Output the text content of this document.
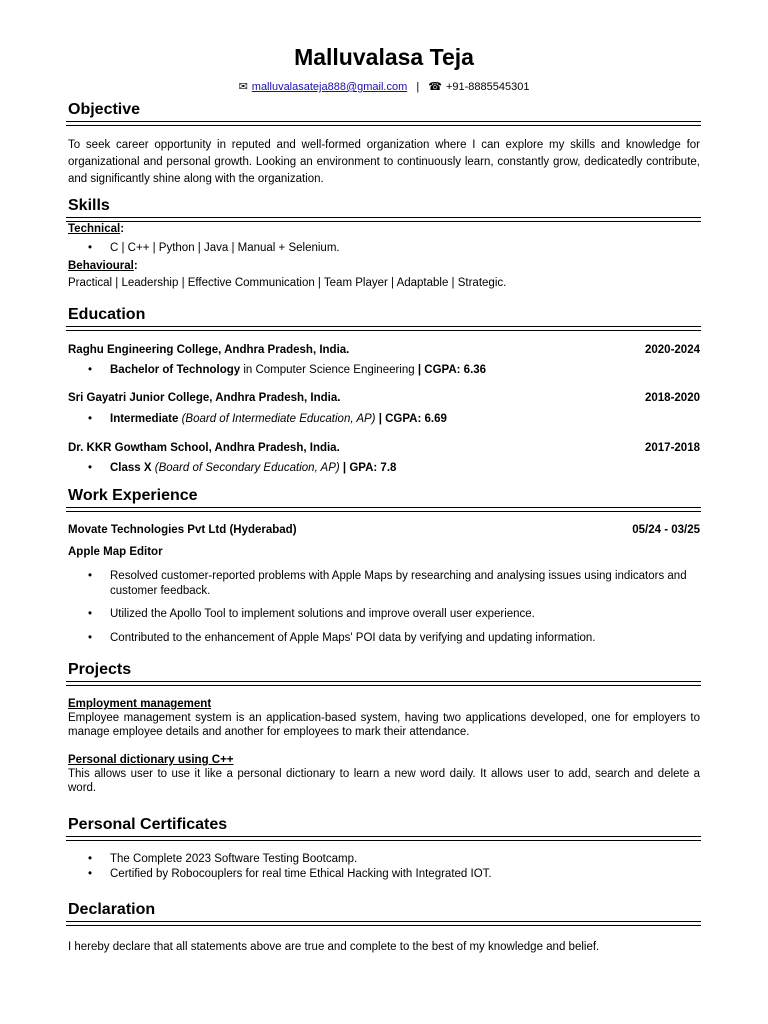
Malluvalasa Teja
✉ malluvalasateja888@gmail.com | ☎ +91-8885545301
Objective
To seek career opportunity in reputed and well-formed organization where I can explore my skills and knowledge for organizational and personal growth. Looking an environment to continuously learn, constantly grow, dedicatedly contribute, and significantly shine along with the organization.
Skills
Technical:
• C | C++ | Python | Java | Manual + Selenium.
Behavioural:
Practical | Leadership | Effective Communication | Team Player | Adaptable | Strategic.
Education
Raghu Engineering College, Andhra Pradesh, India.	2020-2024
• Bachelor of Technology in Computer Science Engineering | CGPA: 6.36
Sri Gayatri Junior College, Andhra Pradesh, India.	2018-2020
• Intermediate (Board of Intermediate Education, AP) | CGPA: 6.69
Dr. KKR Gowtham School, Andhra Pradesh, India.	2017-2018
• Class X (Board of Secondary Education, AP) | GPA: 7.8
Work Experience
Movate Technologies Pvt Ltd (Hyderabad)	05/24 - 03/25
Apple Map Editor
• Resolved customer-reported problems with Apple Maps by researching and analysing issues using indicators and customer feedback.
• Utilized the Apollo Tool to implement solutions and improve overall user experience.
• Contributed to the enhancement of Apple Maps' POI data by verifying and updating information.
Projects
Employment management
Employee management system is an application-based system, having two applications developed, one for employers to manage employee details and another for employees to mark their attendance.
Personal dictionary using C++
This allows user to use it like a personal dictionary to learn a new word daily. It allows user to add, search and delete a word.
Personal Certificates
• The Complete 2023 Software Testing Bootcamp.
• Certified by Robocouplers for real time Ethical Hacking with Integrated IOT.
Declaration
I hereby declare that all statements above are true and complete to the best of my knowledge and belief.
